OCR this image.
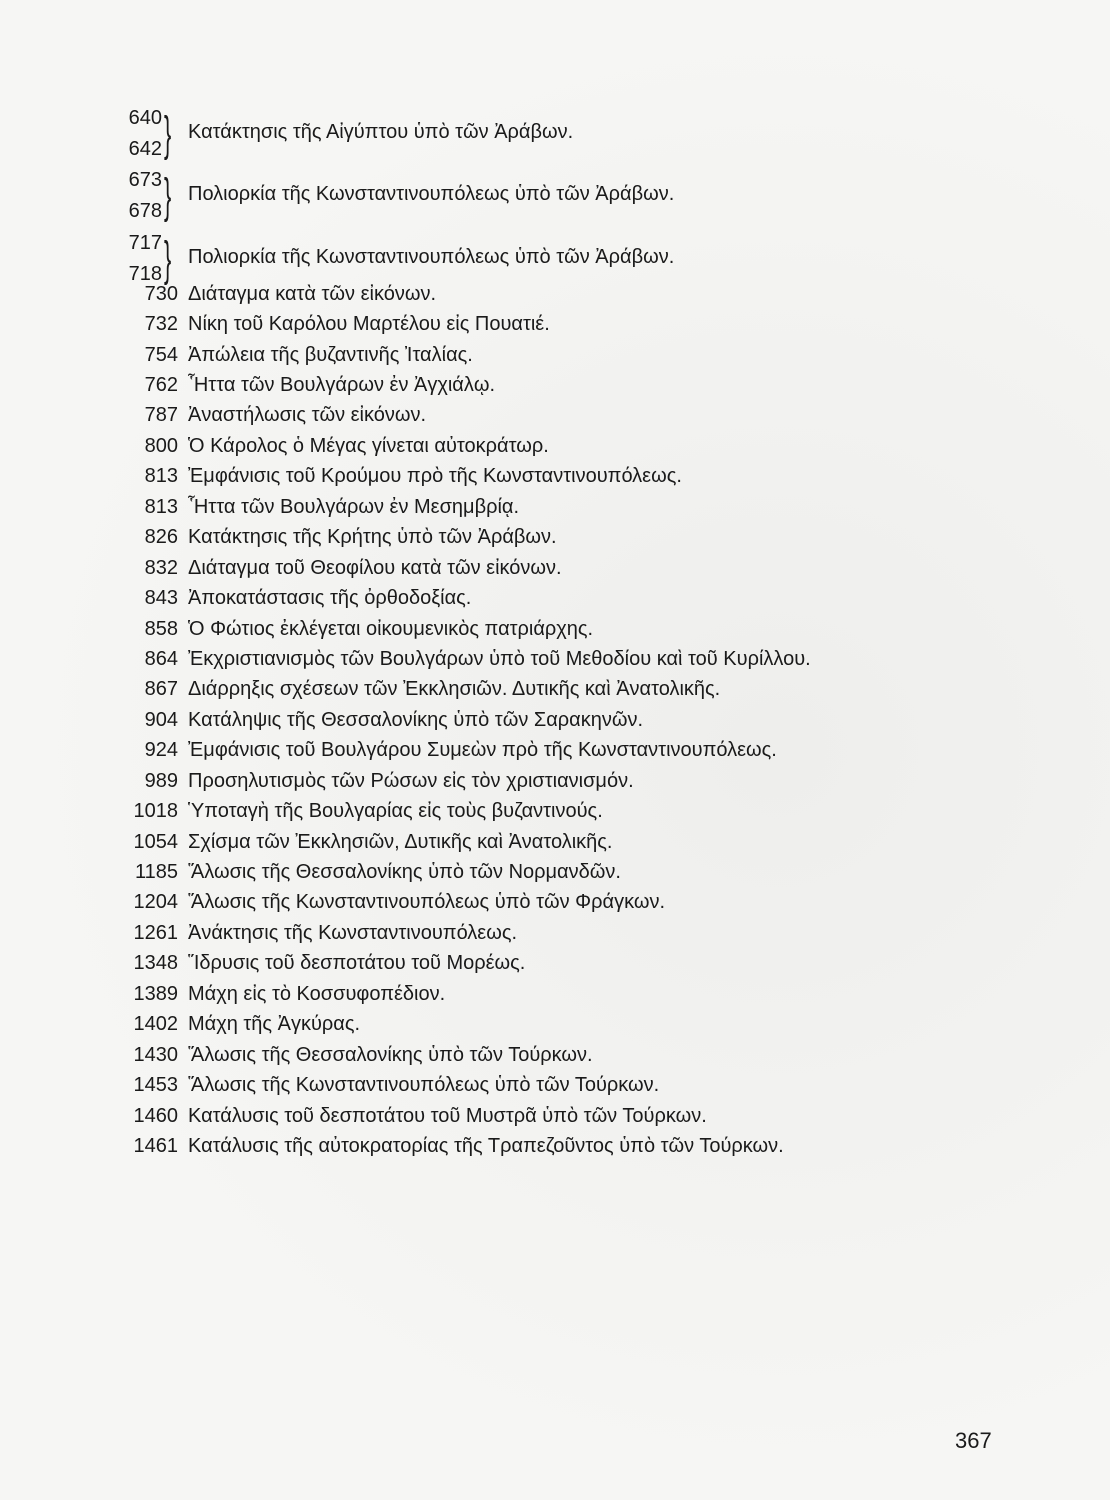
640
642 } Κατάκτησις τῆς Αἰγύπτου ὑπὸ τῶν Ἀράβων.
673
678 } Πολιορκία τῆς Κωνσταντινουπόλεως ὑπὸ τῶν Ἀράβων.
717
718 } Πολιορκία τῆς Κωνσταντινουπόλεως ὑπὸ τῶν Ἀράβων.
730 Διάταγμα κατὰ τῶν εἰκόνων.
732 Νίκη τοῦ Καρόλου Μαρτέλου εἰς Πουατιέ.
754 Ἀπώλεια τῆς βυζαντινῆς Ἰταλίας.
762 Ἧττα τῶν Βουλγάρων ἐν Ἀγχιάλῳ.
787 Ἀναστήλωσις τῶν εἰκόνων.
800 Ὁ Κάρολος ὁ Μέγας γίνεται αὐτοκράτωρ.
813 Ἐμφάνισις τοῦ Κρούμου πρὸ τῆς Κωνσταντινουπόλεως.
813 Ἧττα τῶν Βουλγάρων ἐν Μεσημβρίᾳ.
826 Κατάκτησις τῆς Κρήτης ὑπὸ τῶν Ἀράβων.
832 Διάταγμα τοῦ Θεοφίλου κατὰ τῶν εἰκόνων.
843 Ἀποκατάστασις τῆς ὀρθοδοξίας.
858 Ὁ Φώτιος ἐκλέγεται οἰκουμενικὸς πατριάρχης.
864 Ἐκχριστιανισμὸς τῶν Βουλγάρων ὑπὸ τοῦ Μεθοδίου καὶ τοῦ Κυρίλλου.
867 Διάρρηξις σχέσεων τῶν Ἐκκλησιῶν. Δυτικῆς καὶ Ἀνατολικῆς.
904 Κατάληψις τῆς Θεσσαλονίκης ὑπὸ τῶν Σαρακηνῶν.
924 Ἐμφάνισις τοῦ Βουλγάρου Συμεὼν πρὸ τῆς Κωνσταντινουπόλεως.
989 Προσηλυτισμὸς τῶν Ρώσων εἰς τὸν χριστιανισμόν.
1018 Ὑποταγὴ τῆς Βουλγαρίας εἰς τοὺς βυζαντινούς.
1054 Σχίσμα τῶν Ἐκκλησιῶν, Δυτικῆς καὶ Ἀνατολικῆς.
1185 Ἅλωσις τῆς Θεσσαλονίκης ὑπὸ τῶν Νορμανδῶν.
1204 Ἅλωσις τῆς Κωνσταντινουπόλεως ὑπὸ τῶν Φράγκων.
1261 Ἀνάκτησις τῆς Κωνσταντινουπόλεως.
1348 Ἵδρυσις τοῦ δεσποτάτου τοῦ Μορέως.
1389 Μάχη εἰς τὸ Κοσσυφοπέδιον.
1402 Μάχη τῆς Ἀγκύρας.
1430 Ἅλωσις τῆς Θεσσαλονίκης ὑπὸ τῶν Τούρκων.
1453 Ἅλωσις τῆς Κωνσταντινουπόλεως ὑπὸ τῶν Τούρκων.
1460 Κατάλυσις τοῦ δεσποτάτου τοῦ Μυστρᾶ ὑπὸ τῶν Τούρκων.
1461 Κατάλυσις τῆς αὐτοκρατορίας τῆς Τραπεζοῦντος ὑπὸ τῶν Τούρκων.
367
